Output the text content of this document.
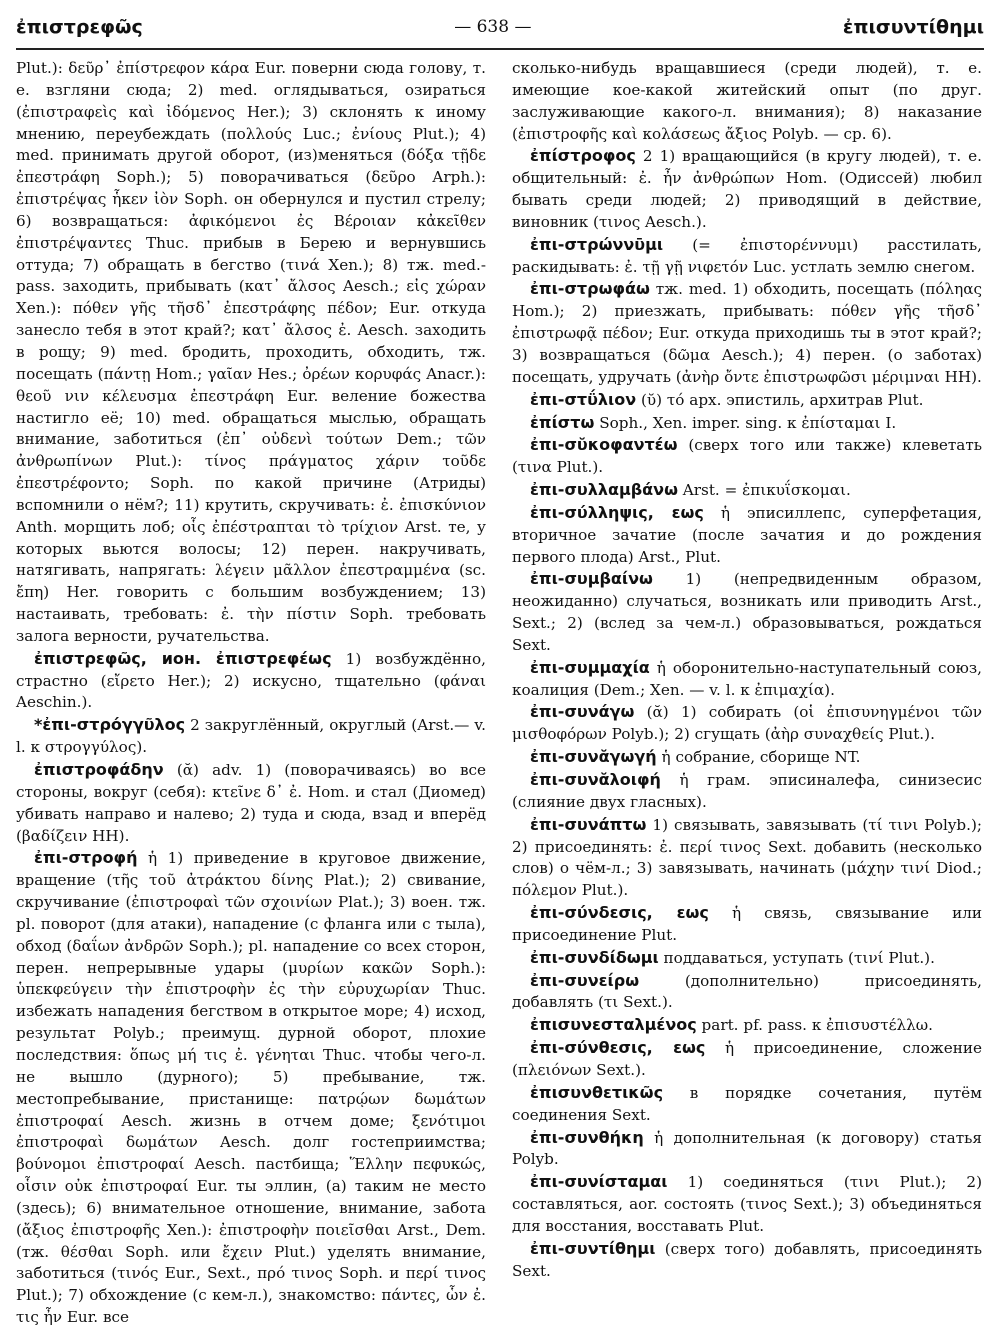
ἐπιστρεφῶς	— 638 —	ἐπισυντίθημι

Plut.): δεῦρ᾽ ἐπίστρεφον κάρα Eur. поверни сюда голову, т. е. взгляни сюда; 2) med. оглядываться, озираться (ἐπιστραφεὶς καὶ ἰδόμενος Her.); 3) склонять к иному мнению, переубеждать (πολλούς Luc.; ἐνίους Plut.); 4) med. принимать другой оборот, (из)меняться (δόξα τῇδε ἐπεστράφη Soph.); 5) поворачиваться (δεῦρο Arph.): ἐπιστρέψας ἧκεν ἰὸν Soph. он обернулся и пустил стрелу; 6) возвращаться: ἀφικόμενοι ἐς Βέροιαν κἀκεῖθεν ἐπιστρέψαντες Thuc. прибыв в Берею и вернувшись оттуда; 7) обращать в бегство (τινά Xen.); 8) тж. med.-pass. заходить, прибывать (κατ᾽ ἄλσος Aesch.; εἰς χώραν Xen.): πόθεν γῆς τῆσδ᾽ ἐπεστράφης πέδον; Eur. откуда занесло тебя в этот край?; κατ᾽ ἄλσος ἐ. Aesch. заходить в рощу; 9) med. бродить, проходить, обходить, тж. посещать (πάντῃ Hom.; γαῖαν Hes.; ὀρέων κορυφάς Anacr.): θεοῦ νιν κέλευσμα ἐπεστράφη Eur. веление божества настигло её; 10) med. обращаться мыслью, обращать внимание, заботиться (ἐπ᾽ οὐδενὶ τούτων Dem.; τῶν ἀνθρωπίνων Plut.): τίνος πράγματος χάριν τοῦδε ἐπεστρέφοντο; Soph. по какой причине (Атриды) вспомнили о нём?; 11) крутить, скручивать: ἐ. ἐπισκύνιον Anth. морщить лоб; οἷς ἐπέστραπται τὸ τρίχιον Arst. те, у которых вьются волосы; 12) перен. накручивать, натягивать, напрягать: λέγειν μᾶλλον ἐπεστραμμένα (sc. ἔπη) Her. говорить с большим возбуждением; 13) настаивать, требовать: ἐ. τὴν πίστιν Soph. требовать залога верности, ручательства.

ἐπιστρεφῶς, ион. ἐπιστρεφέως 1) возбуждённо, страстно (εἴρετο Her.); 2) искусно, тщательно (φάναι Aeschin.).

*ἐπι-στρόγγῦλος 2 закруглённый, округлый (Arst.— v. l. к στρογγύλος).

ἐπιστροφάδην (ᾰ) adv. 1) (поворачиваясь) во все стороны, вокруг (себя): κτεῖνε δ᾽ ἐ. Hom. и стал (Диомед) убивать направо и налево; 2) туда и сюда, взад и вперёд (βαδίζειν HH).

ἐπι-στροφή ἡ 1) приведение в круговое движение, вращение (τῆς τοῦ ἀτράκτου δίνης Plat.); 2) свивание, скручивание (ἐπιστροφαὶ τῶν σχοινίων Plat.); 3) воен. тж. pl. поворот (для атаки), нападение (с фланга или с тыла), обход (δαΐων ἀνδρῶν Soph.); pl. нападение со всех сторон, перен. непрерывные удары (μυρίων κακῶν Soph.): ὑπεκφεύγειν τὴν ἐπιστροφὴν ἐς τὴν εὐρυχωρίαν Thuc. избежать нападения бегством в открытое море; 4) исход, результат Polyb.; преимущ. дурной оборот, плохие последствия: ὅπως μή τις ἐ. γένηται Thuc. чтобы чего-л. не вышло (дурного); 5) пребывание, тж. местопребывание, пристанище: πατρῴων δωμάτων ἐπιστροφαί Aesch. жизнь в отчем доме; ξενότιμοι ἐπιστροφαὶ δωμάτων Aesch. долг гостеприимства; βούνομοι ἐπιστροφαί Aesch. пастбища; Ἕλλην πεφυκώς, οἷσιν οὐκ ἐπιστροφαί Eur. ты эллин, (а) таким не место (здесь); 6) внимательное отношение, внимание, забота (ἄξιος ἐπιστροφῆς Xen.): ἐπιστροφὴν ποιεῖσθαι Arst., Dem. (тж. θέσθαι Soph. или ἔχειν Plut.) уделять внимание, заботиться (τινός Eur., Sext., πρό τινος Soph. и περί τινος Plut.); 7) обхождение (с кем-л.), знакомство: πάντες, ὧν ἐ. τις ἦν Eur. все

сколько-нибудь вращавшиеся (среди людей), т. е. имеющие кое-какой житейский опыт (по друг. заслуживающие какого-л. внимания); 8) наказание (ἐπιστροφῆς καὶ κολάσεως ἄξιος Polyb. — ср. 6).

ἐπίστροφος 2 1) вращающийся (в кругу людей), т. е. общительный: ἐ. ἦν ἀνθρώπων Hom. (Одиссей) любил бывать среди людей; 2) приводящий в действие, виновник (τινος Aesch.).

ἐπι-στρώννῡμι (= ἐπιστορέννυμι) расстилать, раскидывать: ἐ. τῇ γῇ νιφετόν Luc. устлать землю снегом.

ἐπι-στρωφάω тж. med. 1) обходить, посещать (πόληας Hom.); 2) приезжать, прибывать: πόθεν γῆς τῆσδ᾽ ἐπιστρωφᾷ πέδον; Eur. откуда приходишь ты в этот край?; 3) возвращаться (δῶμα Aesch.); 4) перен. (о заботах) посещать, удручать (ἀνὴρ ὄντε ἐπιστρωφῶσι μέριμναι HH).

ἐπι-στΰλιον (ῠ) τό арх. эпистиль, архитрав Plut.

ἐπίστω Soph., Xen. imper. sing. к ἐπίσταμαι I.

ἐπι-σῠκοφαντέω (сверх того или также) клеветать (τινα Plut.).

ἐπι-συλλαμβάνω Arst. = ἐπικυΐσκομαι.

ἐπι-σύλληψις, εως ἡ эписиллепс, суперфетация, вторичное зачатие (после зачатия и до рождения первого плода) Arst., Plut.

ἐπι-συμβαίνω 1) (непредвиденным образом, неожиданно) случаться, возникать или приводить Arst., Sext.; 2) (вслед за чем-л.) образовываться, рождаться Sext.

ἐπι-συμμαχία ἡ оборонительно-наступательный союз, коалиция (Dem.; Xen. — v. l. к ἐπιμαχία).

ἐπι-συνάγω (ᾰ) 1) собирать (οἱ ἐπισυνηγμένοι τῶν μισθοφόρων Polyb.); 2) сгущать (ἀὴρ συναχθείς Plut.).

ἐπι-συνᾰγωγή ἡ собрание, сборище NT.

ἐπι-συνᾰλοιφή ἡ грам. эписиналефа, синизесис (слияние двух гласных).

ἐπι-συνάπτω 1) связывать, завязывать (τί τινι Polyb.); 2) присоединять: ἐ. περί τινος Sext. добавить (несколько слов) о чём-л.; 3) завязывать, начинать (μάχην τινί Diod.; πόλεμον Plut.).

ἐπι-σύνδεσις, εως ἡ связь, связывание или присоединение Plut.

ἐπι-συνδίδωμι поддаваться, уступать (τινί Plut.).

ἐπι-συνείρω (дополнительно) присоединять, добавлять (τι Sext.).

ἐπισυνεσταλμένος part. pf. pass. к ἐπισυστέλλω.

ἐπι-σύνθεσις, εως ἡ присоединение, сложение (πλειόνων Sext.).

ἐπισυνθετικῶς в порядке сочетания, путём соединения Sext.

ἐπι-συνθήκη ἡ дополнительная (к договору) статья Polyb.

ἐπι-συνίσταμαι 1) соединяться (τινι Plut.); 2) составляться, aor. состоять (τινος Sext.); 3) объединяться для восстания, восставать Plut.

ἐπι-συντίθημι (сверх того) добавлять, присоединять Sext.
